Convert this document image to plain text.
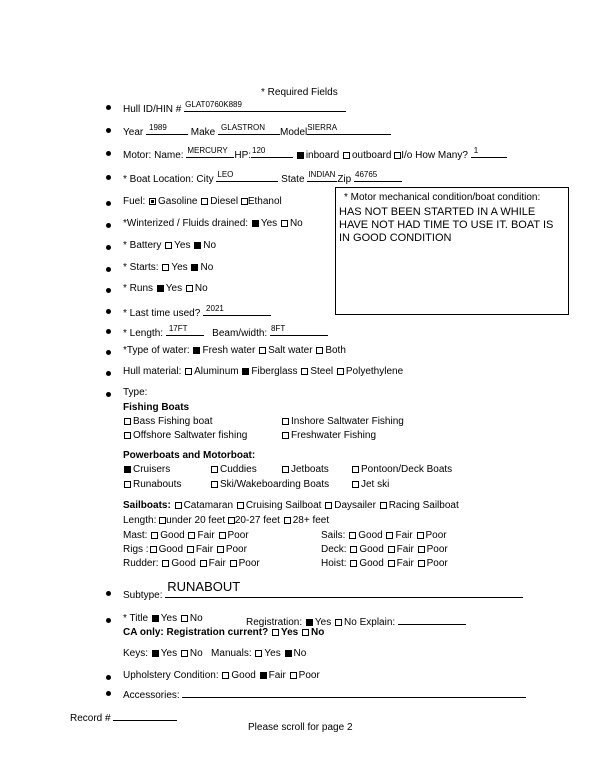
* Required Fields
Hull ID/HIN # GLAT0760K889
Year 1989 Make GLASTRON Model SIERRA
Motor: Name: MERCURY HP: 120	inboard outboard I/o How Many? 1
* Boat Location: City LEO	State INDIAN Zip 46765
* Motor mechanical condition/boat condition:
HAS NOT BEEN STARTED IN A WHILE HAVE NOT HAD TIME TO USE IT. BOAT IS IN GOOD CONDITION
Fuel: Gasoline Diesel Ethanol
*Winterized / Fluids drained: Yes No
* Battery Yes No
* Starts: Yes No
* Runs Yes No
* Last time used? 2021
* Length: 17FT Beam/width: 8FT
*Type of water: Fresh water Salt water Both
Hull material: Aluminum Fiberglass Steel Polyethylene
Type:
Fishing Boats
Bass Fishing boat	Inshore Saltwater Fishing
Offshore Saltwater fishing	Freshwater Fishing
Powerboats and Motorboat:
Cruisers	Cuddies	Jetboats	Pontoon/Deck Boats
Runabouts	Ski/Wakeboarding Boats	Jet ski
Sailboats: Catamaran Cruising Sailboat Daysailer Racing Sailboat
Length: under 20 feet 20-27 feet 28+ feet
Mast: Good Fair Poor	Sails: Good Fair Poor
Rigs : Good Fair Poor	Deck: Good Fair Poor
Rudder: Good Fair Poor	Hoist: Good Fair Poor
Subtype:
RUNABOUT
* Title Yes No	Registration: Yes No Explain:
CA only: Registration current? Yes No
Keys: Yes No Manuals: Yes No
Upholstery Condition: Good Fair Poor
Accessories:
Record #
Please scroll for page 2
